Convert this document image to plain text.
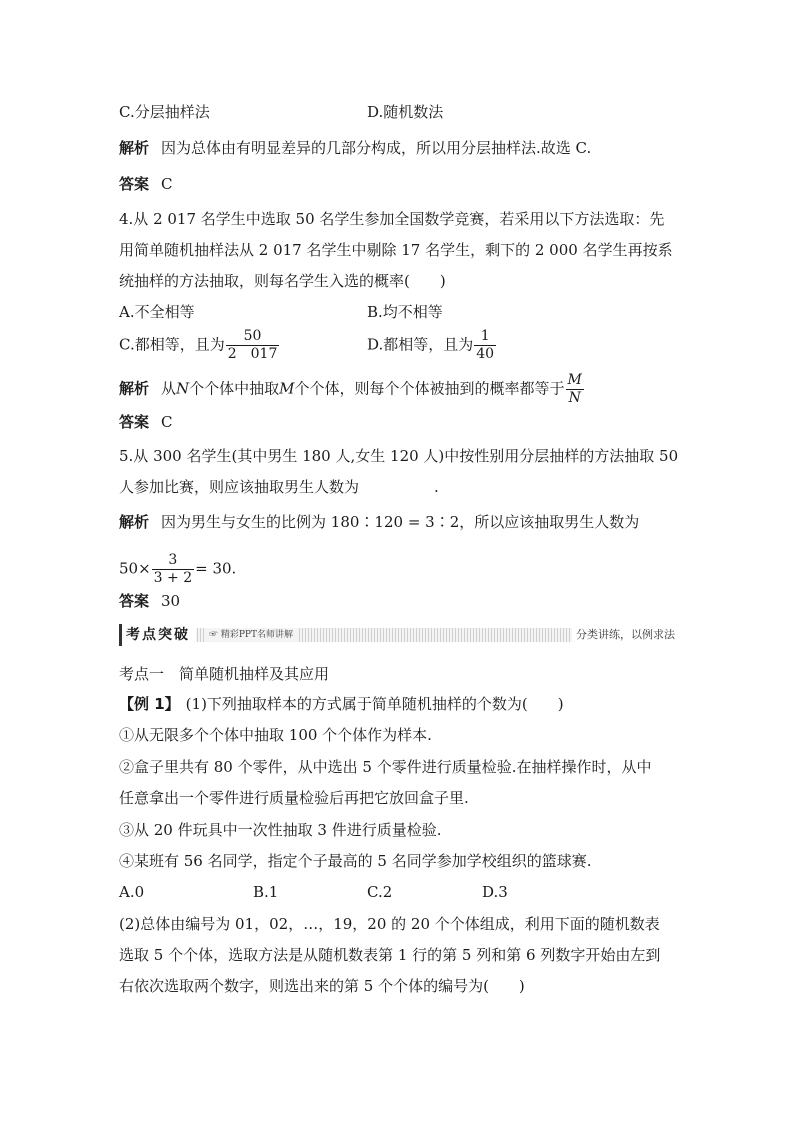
C.分层抽样法	D.随机数法
解析 因为总体由有明显差异的几部分构成，所以用分层抽样法.故选 C.
答案 C
4.从 2 017 名学生中选取 50 名学生参加全国数学竞赛，若采用以下方法选取：先
用简单随机抽样法从 2 017 名学生中剔除 17 名学生，剩下的 2 000 名学生再按系
统抽样的方法抽取，则每名学生入选的概率(　　)
A.不全相等	B.均不相等
C.都相等，且为 $\frac{50}{2 017}$	D.都相等，且为 $\frac{1}{40}$
解析 从N个个体中抽取M个个体，则每个个体被抽到的概率都等于 $\frac{M}{N}$
答案 C
5.从 300 名学生(其中男生 180 人,女生 120 人)中按性别用分层抽样的方法抽取 50
人参加比赛，则应该抽取男生人数为　　　　　.
解析 因为男生与女生的比例为 180∶120 = 3∶2，所以应该抽取男生人数为
$50\times \frac{3}{3 + 2} = 30$.
答案 30
考点突破	☞ 精彩PPT名师讲解	分类讲练，以例求法
考点一　简单随机抽样及其应用
【例 1】 (1)下列抽取样本的方式属于简单随机抽样的个数为(　　)
①从无限多个个体中抽取 100 个个体作为样本.
②盒子里共有 80 个零件，从中选出 5 个零件进行质量检验.在抽样操作时，从中
任意拿出一个零件进行质量检验后再把它放回盒子里.
③从 20 件玩具中一次性抽取 3 件进行质量检验.
④某班有 56 名同学，指定个子最高的 5 名同学参加学校组织的篮球赛.
A.0	B.1	C.2	D.3
(2)总体由编号为 01，02，…，19，20 的 20 个个体组成，利用下面的随机数表
选取 5 个个体，选取方法是从随机数表第 1 行的第 5 列和第 6 列数字开始由左到
右依次选取两个数字，则选出来的第 5 个个体的编号为(　　)
